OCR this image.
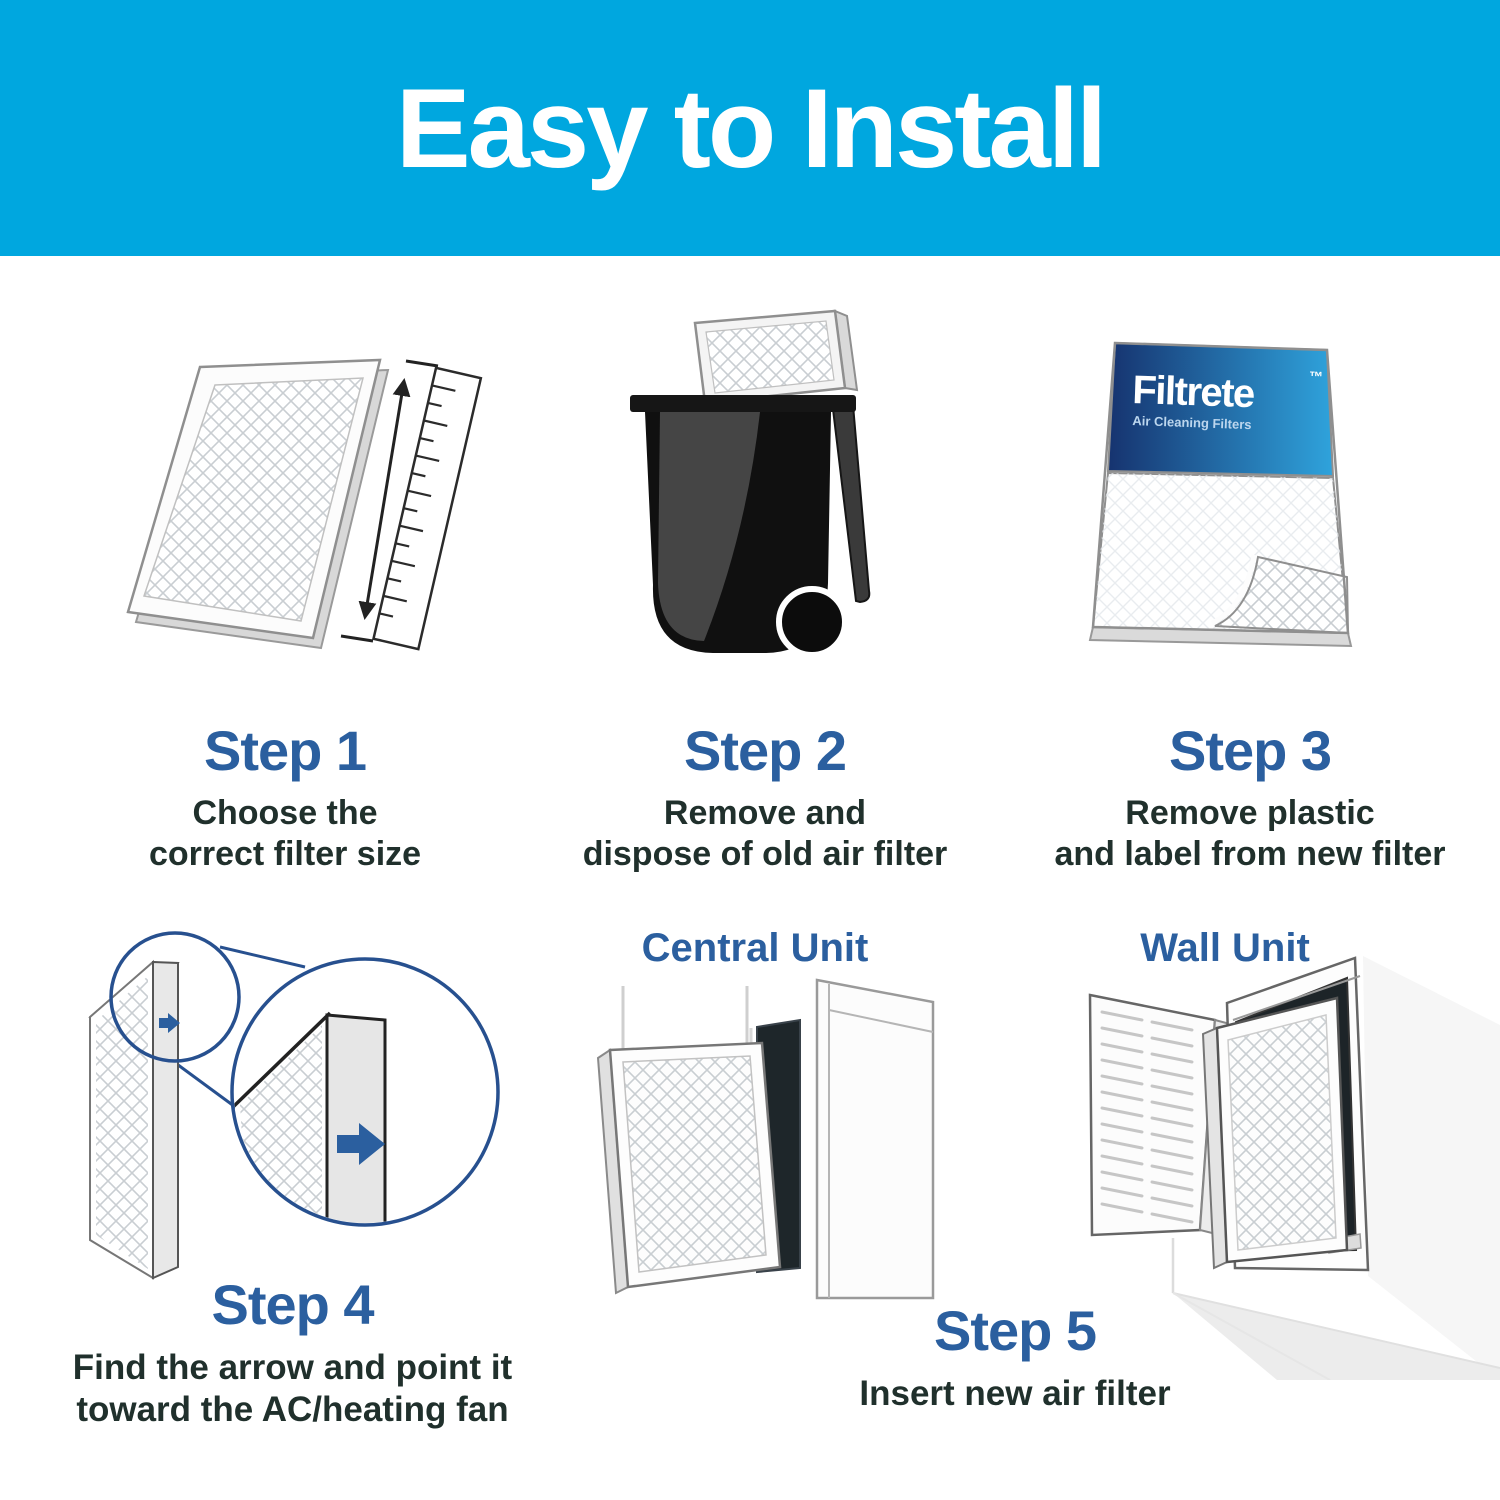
Easy to Install
Filtrete	™
Air Cleaning Filters
Step 1

Choose the
correct filter size

Step 2

Remove and
dispose of old air filter

Step 3

Remove plastic
and label from new filter

Step 4

Find the arrow and point it
toward the AC/heating fan

Step 5

Insert new air filter

Central Unit	Wall Unit
